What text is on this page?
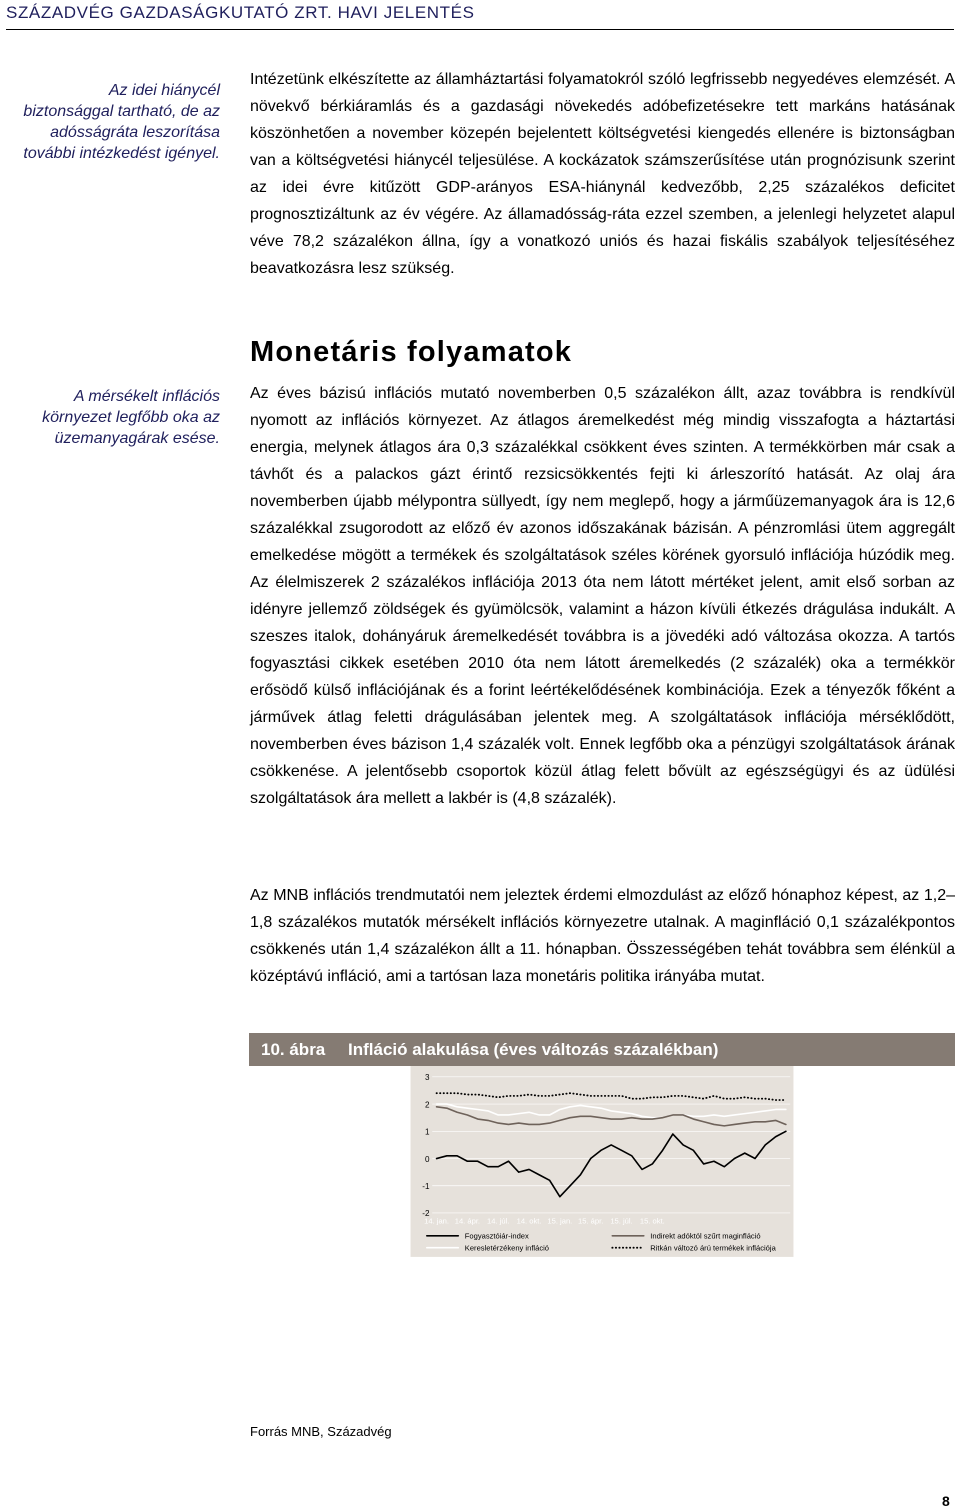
SZÁZADVÉG GAZDASÁGKUTATÓ ZRT. HAVI JELENTÉS
Az idei hiánycél biztonsággal tartható, de az adósságráta leszorítása további intézkedést igényel.
A mérsékelt inflációs környezet legfőbb oka az üzemanyagárak esése.

Intézetünk elkészítette az államháztartási folyamatokról szóló legfrissebb negyedéves elemzését. A növekvő bérkiáramlás és a gazdasági növekedés adóbefizetésekre tett markáns hatásának köszönhetően a november közepén bejelentett költségvetési kiengedés ellenére is biztonságban van a költségvetési hiánycél teljesülése. A kockázatok számszerűsítése után prognózisunk szerint az idei évre kitűzött GDP-arányos ESA-hiánynál kedvezőbb, 2,25 százalékos deficitet prognosztizáltunk az év végére. Az államadósság-ráta ezzel szemben, a jelenlegi helyzetet alapul véve 78,2 százalékon állna, így a vonatkozó uniós és hazai fiskális szabályok teljesítéséhez beavatkozásra lesz szükség.

Monetáris folyamatok

Az éves bázisú inflációs mutató novemberben 0,5 százalékon állt, azaz továbbra is rendkívül nyomott az inflációs környezet. Az átlagos áremelkedést még mindig visszafogta a háztartási energia, melynek átlagos ára 0,3 százalékkal csökkent éves szinten. A termékkörben már csak a távhőt és a palackos gázt érintő rezsicsökkentés fejti ki árleszorító hatását. Az olaj ára novemberben újabb mélypontra süllyedt, így nem meglepő, hogy a járműüzemanyagok ára is 12,6 százalékkal zsugorodott az előző év azonos időszakának bázisán. A pénzromlási ütem aggregált emelkedése mögött a termékek és szolgáltatások széles körének gyorsuló inflációja húzódik meg. Az élelmiszerek 2 százalékos inflációja 2013 óta nem látott mértéket jelent, amit első sorban az idényre jellemző zöldségek és gyümölcsök, valamint a házon kívüli étkezés drágulása indukált. A szeszes italok, dohányáruk áremelkedését továbbra is a jövedéki adó változása okozza. A tartós fogyasztási cikkek esetében 2010 óta nem látott áremelkedés (2 százalék) oka a termékkör erősödő külső inflációjának és a forint leértékelődésének kombinációja. Ezek a tényezők főként a járművek átlag feletti drágulásában jelentek meg. A szolgáltatások inflációja mérséklődött, novemberben éves bázison 1,4 százalék volt. Ennek legfőbb oka a pénzügyi szolgáltatások árának csökkenése. A jelentősebb csoportok közül átlag felett bővült az egészségügyi és az üdülési szolgáltatások ára mellett a lakbér is (4,8 százalék).

Az MNB inflációs trendmutatói nem jeleztek érdemi elmozdulást az előző hónaphoz képest, az 1,2–1,8 százalékos mutatók mérsékelt inflációs környezetre utalnak. A maginfláció 0,1 százalékpontos csökkenés után 1,4 százalékon állt a 11. hónapban. Összességében tehát továbbra sem élénkül a középtávú infláció, ami a tartósan laza monetáris politika irányába mutat.

10. ábra Infláció alakulása (éves változás százalékban)
3
2
1
0
-1
-2
14. jan. 14. ápr. 14. júl. 14. okt. 15. jan. 15. ápr. 15. júl. 15. okt.
Fogyasztóiár-index
Keresletérzékeny infláció
Indirekt adóktól szűrt maginfláció
Ritkán változó árú termékek inflációja
Forrás MNB, Századvég
8
